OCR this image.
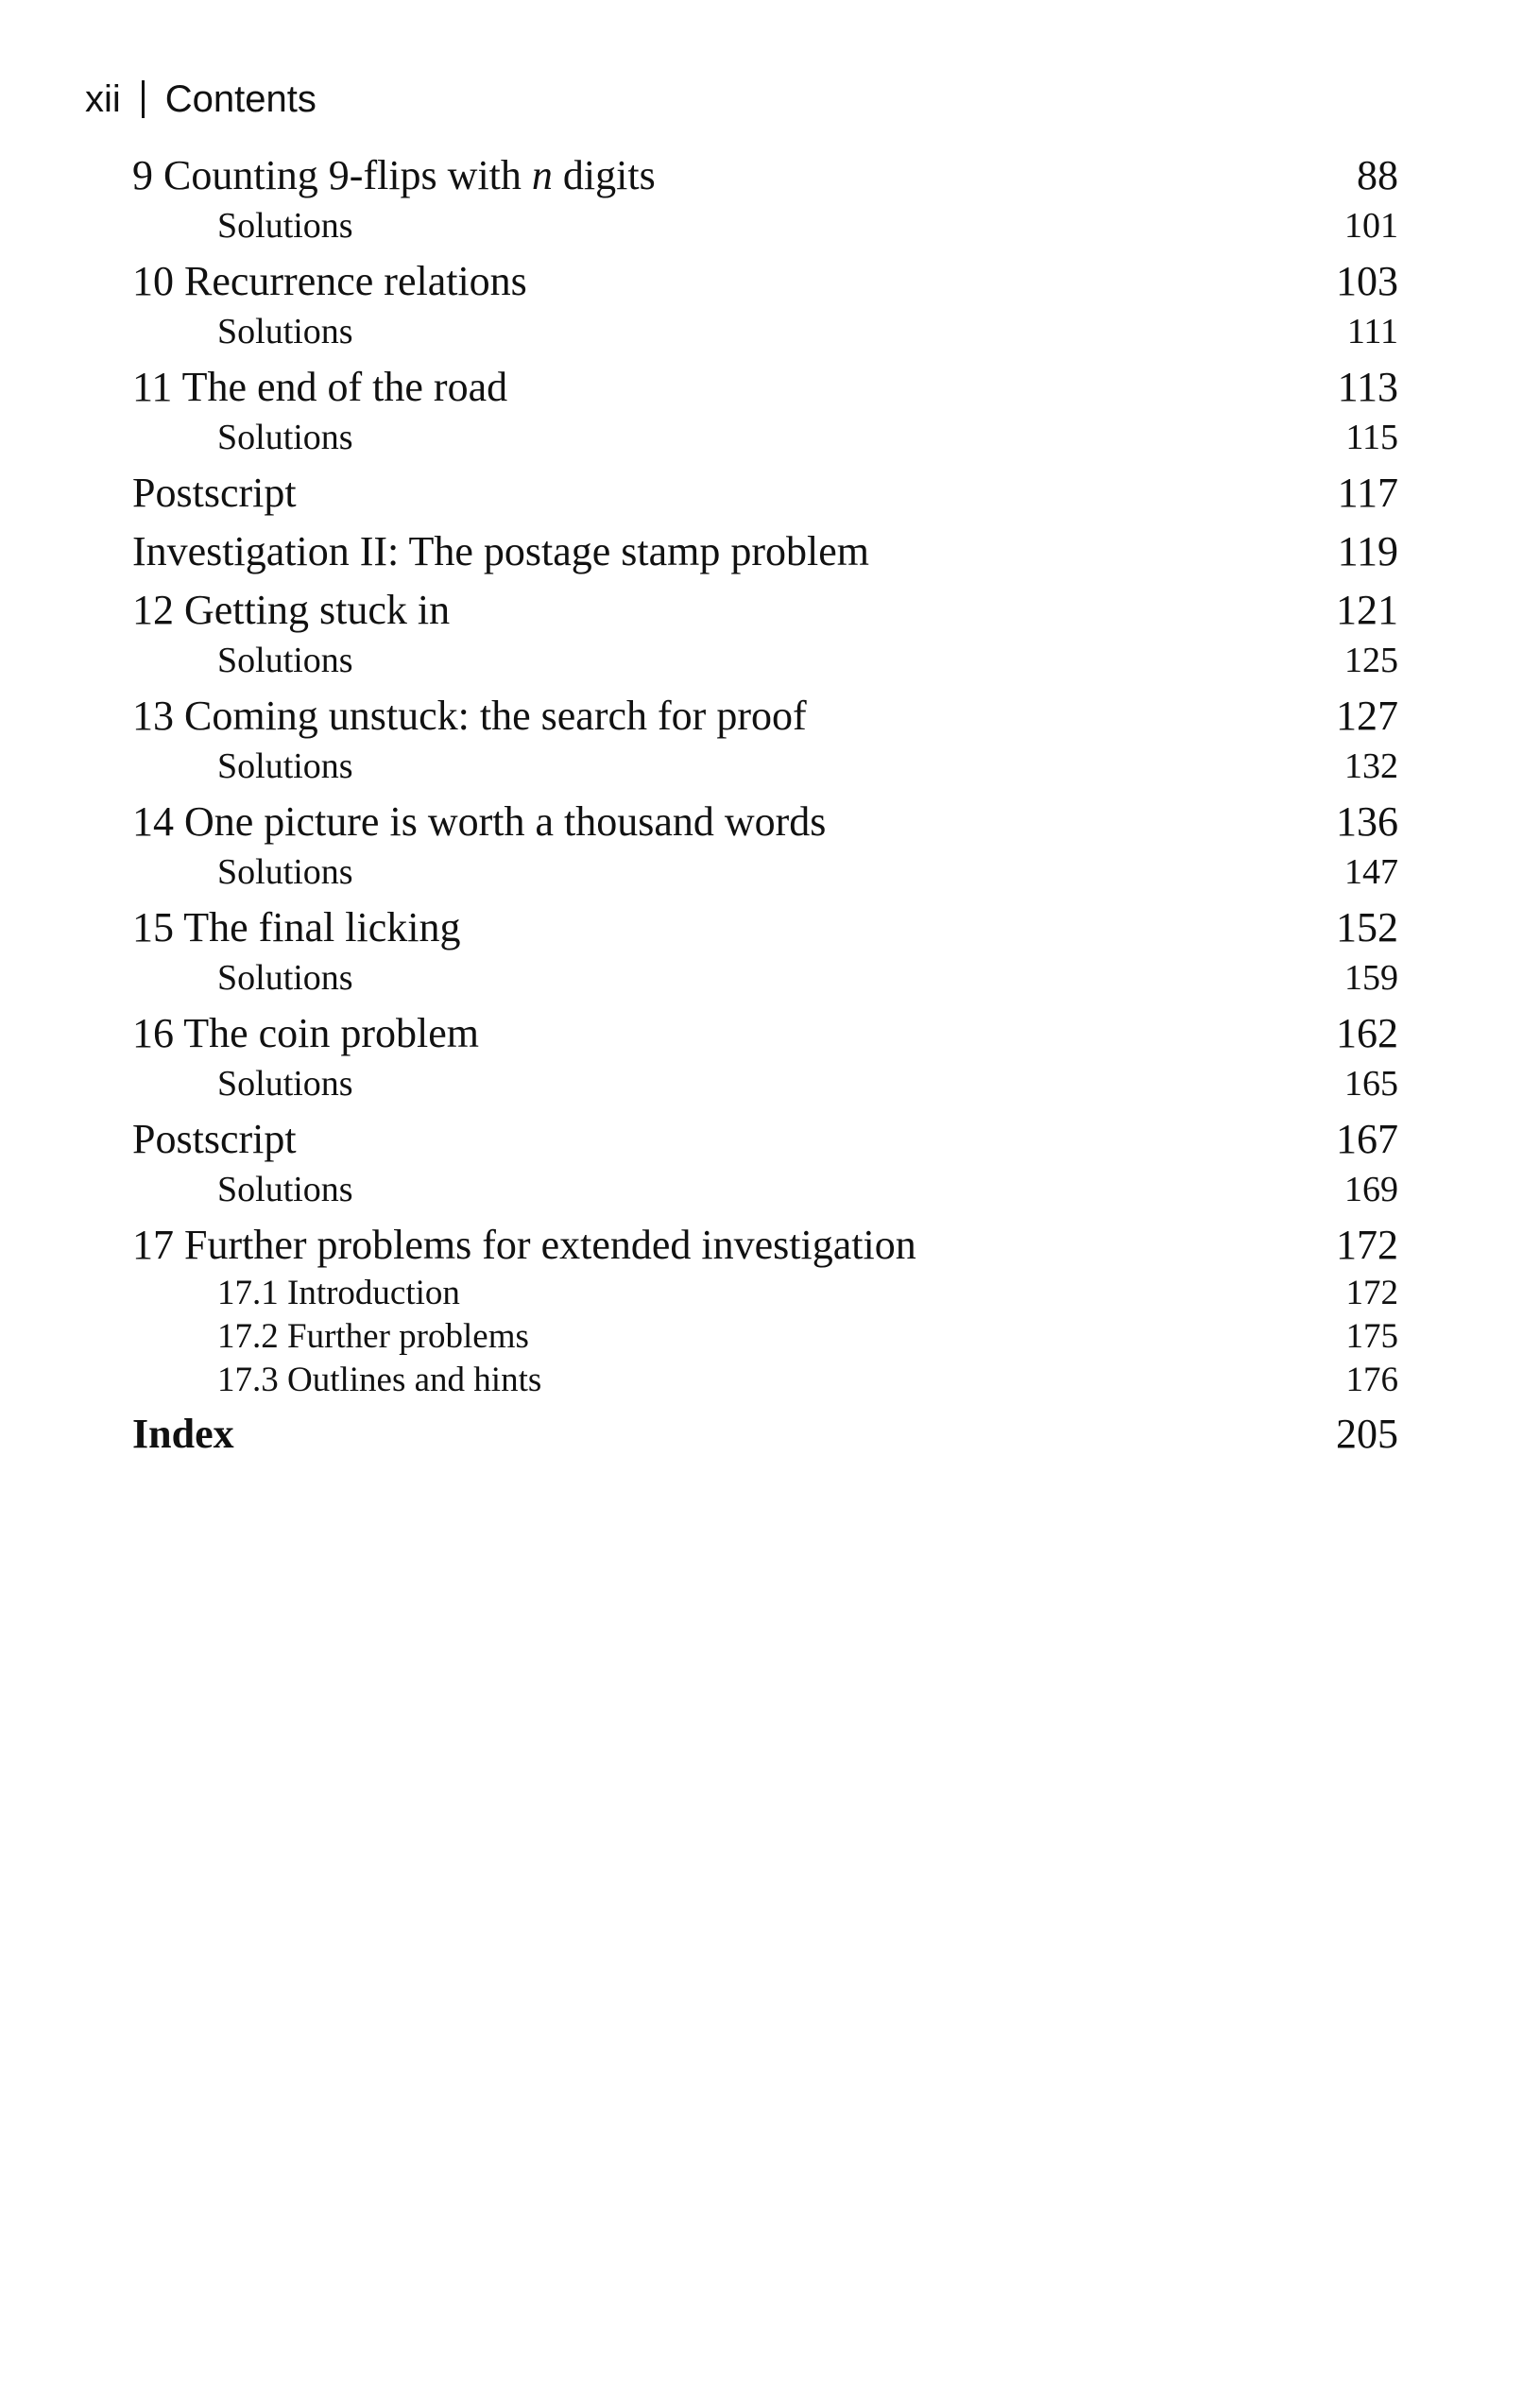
xii Contents
9 Counting 9-flips with n digits	88
Solutions	101
10 Recurrence relations	103
Solutions	111
11 The end of the road	113
Solutions	115
Postscript	117
Investigation II: The postage stamp problem	119
12 Getting stuck in	121
Solutions	125
13 Coming unstuck: the search for proof	127
Solutions	132
14 One picture is worth a thousand words	136
Solutions	147
15 The final licking	152
Solutions	159
16 The coin problem	162
Solutions	165
Postscript	167
Solutions	169
17 Further problems for extended investigation	172
17.1 Introduction	172
17.2 Further problems	175
17.3 Outlines and hints	176
Index	205
